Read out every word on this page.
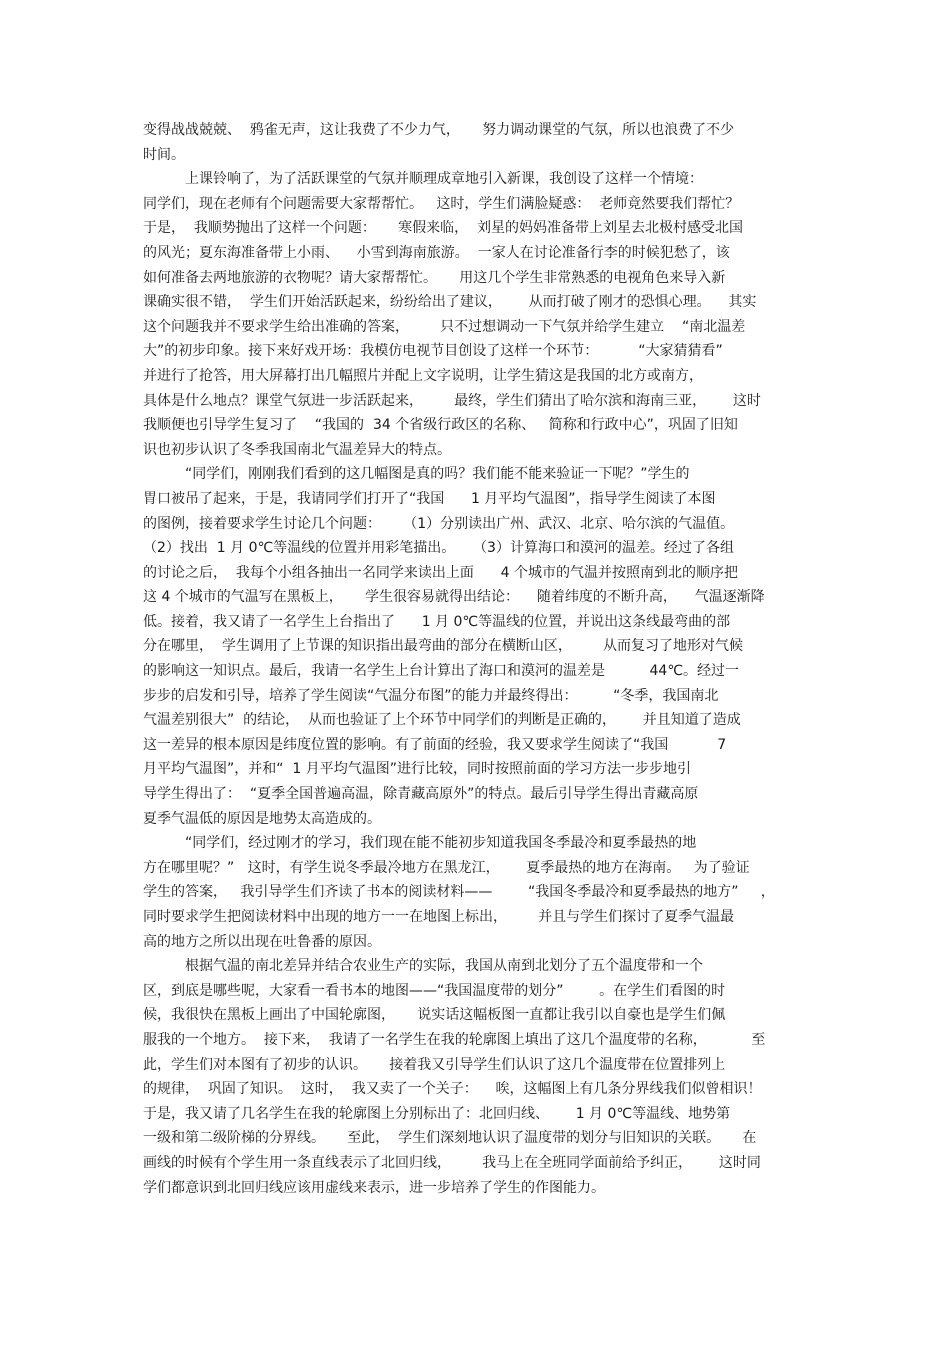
变得战战兢兢、  鸦雀无声，这让我费了不少力气，     努力调动课堂的气氛，所以也浪费了不少
时间。
上课铃响了，为了活跃课堂的气氛并顺理成章地引入新课，我创设了这样一个情境：
同学们，现在老师有个问题需要大家帮帮忙。   这时，学生们满脸疑惑：  老师竟然要我们帮忙？
于是，  我顺势抛出了这样一个问题：     寒假来临，  刘星的妈妈准备带上刘星去北极村感受北国
的风光；夏东海准备带上小雨、    小雪到海南旅游。  一家人在讨论准备行李的时候犯愁了，该
如何准备去两地旅游的衣物呢？请大家帮帮忙。     用这几个学生非常熟悉的电视角色来导入新
课确实很不错，  学生们开始活跃起来，纷纷给出了建议，      从而打破了刚才的恐惧心理。    其实
这个问题我并不要求学生给出准确的答案，       只不过想调动一下气氛并给学生建立    “南北温差
大”的初步印象。接下来好戏开场：我模仿电视节目创设了这样一个环节：         “大家猜猜看”
并进行了抢答，用大屏幕打出几幅照片并配上文字说明，让学生猜这是我国的北方或南方，
具体是什么地点？课堂气氛进一步活跃起来，       最终，学生们猜出了哈尔滨和海南三亚，      这时
我顺便也引导学生复习了    “我国的  34 个省级行政区的名称、   简称和行政中心”，巩固了旧知
识也初步认识了冬季我国南北气温差异大的特点。
“同学们，刚刚我们看到的这几幅图是真的吗？我们能不能来验证一下呢？”学生的
胃口被吊了起来，于是，我请同学们打开了“我国      1 月平均气温图”，指导学生阅读了本图
的图例，接着要求学生讨论几个问题：     （1）分别读出广州、武汉、北京、哈尔滨的气温值。
（2）找出  1 月 0℃等温线的位置并用彩笔描出。    （3）计算海口和漠河的温差。经过了各组
的讨论之后，  我每个小组各抽出一名同学来读出上面      4 个城市的气温并按照南到北的顺序把
这 4 个城市的气温写在黑板上，     学生很容易就得出结论：    随着纬度的不断升高，    气温逐渐降
低。接着，我又请了一名学生上台指出了      1 月 0℃等温线的位置，并说出这条线最弯曲的部
分在哪里，  学生调用了上节课的知识指出最弯曲的部分在横断山区，       从而复习了地形对气候
的影响这一知识点。最后，我请一名学生上台计算出了海口和漠河的温差是          44℃。经过一
步步的启发和引导，培养了学生阅读“气温分布图”的能力并最终得出：        “冬季，我国南北
气温差别很大”  的结论，  从而也验证了上个环节中同学们的判断是正确的，      并且知道了造成
这一差异的根本原因是纬度位置的影响。有了前面的经验，我又要求学生阅读了“我国           7
月平均气温图”，并和“  1 月平均气温图”进行比较，同时按照前面的学习方法一步步地引
导学生得出了：  “夏季全国普遍高温，除青藏高原外”的特点。最后引导学生得出青藏高原
夏季气温低的原因是地势太高造成的。
“同学们，经过刚才的学习，我们现在能不能初步知道我国冬季最冷和夏季最热的地
方在哪里呢？”   这时，有学生说冬季最冷地方在黑龙江，      夏季最热的地方在海南。   为了验证
学生的答案，   我引导学生们齐读了书本的阅读材料——        “我国冬季最冷和夏季最热的地方”     ，
同时要求学生把阅读材料中出现的地方一一在地图上标出，       并且与学生们探讨了夏季气温最
高的地方之所以出现在吐鲁番的原因。
根据气温的南北差异并结合农业生产的实际，我国从南到北划分了五个温度带和一个
区，到底是哪些呢，大家看一看书本的地图——“我国温度带的划分”        。在学生们看图的时
候，我很快在黑板上画出了中国轮廓图，     说实话这幅板图一直都让我引以自豪也是学生们佩
服我的一个地方。  接下来，  我请了一名学生在我的轮廓图上填出了这几个温度带的名称，          至
此，学生们对本图有了初步的认识。     接着我又引导学生们认识了这几个温度带在位置排列上
的规律，  巩固了知识。  这时，  我又卖了一个关子：    唉，这幅图上有几条分界线我们似曾相识！
于是，我又请了几名学生在我的轮廓图上分别标出了：北回归线、      1 月 0℃等温线、地势第
一级和第二级阶梯的分界线。     至此，  学生们深刻地认识了温度带的划分与旧知识的关联。     在
画线的时候有个学生用一条直线表示了北回归线，       我马上在全班同学面前给予纠正，      这时同
学们都意识到北回归线应该用虚线来表示，进一步培养了学生的作图能力。
